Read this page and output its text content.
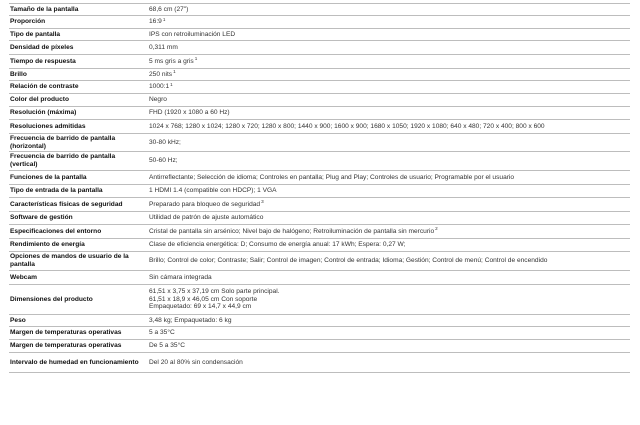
Tamaño de la pantalla	68,6 cm (27")

Proporción	$16:9^1$

Tipo de pantalla	IPS con retroiluminación LED

Densidad de píxeles	0,311 mm

Tiempo de respuesta	5 ms gris a gris$^1$

Brillo	250 nits$^1$

Relación de contraste	$1000:1^1$

Color del producto	Negro

Resolución (máxima)	FHD (1920 x 1080 a 60 Hz)

Resoluciones admitidas	1024 x 768; 1280 x 1024; 1280 x 720; 1280 x 800; 1440 x 900; 1600 x 900; 1680 x 1050; 1920 x 1080; 640 x 480; 720 x 400; 800 x 600

Frecuencia de barrido de pantalla (horizontal)	30-80 kHz;

Frecuencia de barrido de pantalla (vertical)	50-60 Hz;

Funciones de la pantalla	Antirreflectante; Selección de idioma; Controles en pantalla; Plug and Play; Controles de usuario; Programable por el usuario

Tipo de entrada de la pantalla	1 HDMI 1.4 (compatible con HDCP); 1 VGA

Características físicas de seguridad	Preparado para bloqueo de seguridad$^3$

Software de gestión	Utilidad de patrón de ajuste automático

Especificaciones del entorno	Cristal de pantalla sin arsénico; Nivel bajo de halógeno; Retroiluminación de pantalla sin mercurio$^2$

Rendimiento de energía	Clase de eficiencia energética: D; Consumo de energía anual: 17 kWh; Espera: 0,27 W;

Opciones de mandos de usuario de la pantalla	Brillo; Control de color; Contraste; Salir; Control de imagen; Control de entrada; Idioma; Gestión; Control de menú; Control de encendido

Webcam	Sin cámara integrada

Dimensiones del producto	61,51 x 3,75 x 37,19 cm Solo parte principal.
61,51 x 18,9 x 46,05 cm Con soporte
Empaquetado: 69 x 14,7 x 44,9 cm

Peso	3,48 kg; Empaquetado: 6 kg

Margen de temperaturas operativas	5 a 35°C

Margen de temperaturas operativas	De 5 a 35°C

Intervalo de humedad en funcionamiento	Del 20 al 80% sin condensación
